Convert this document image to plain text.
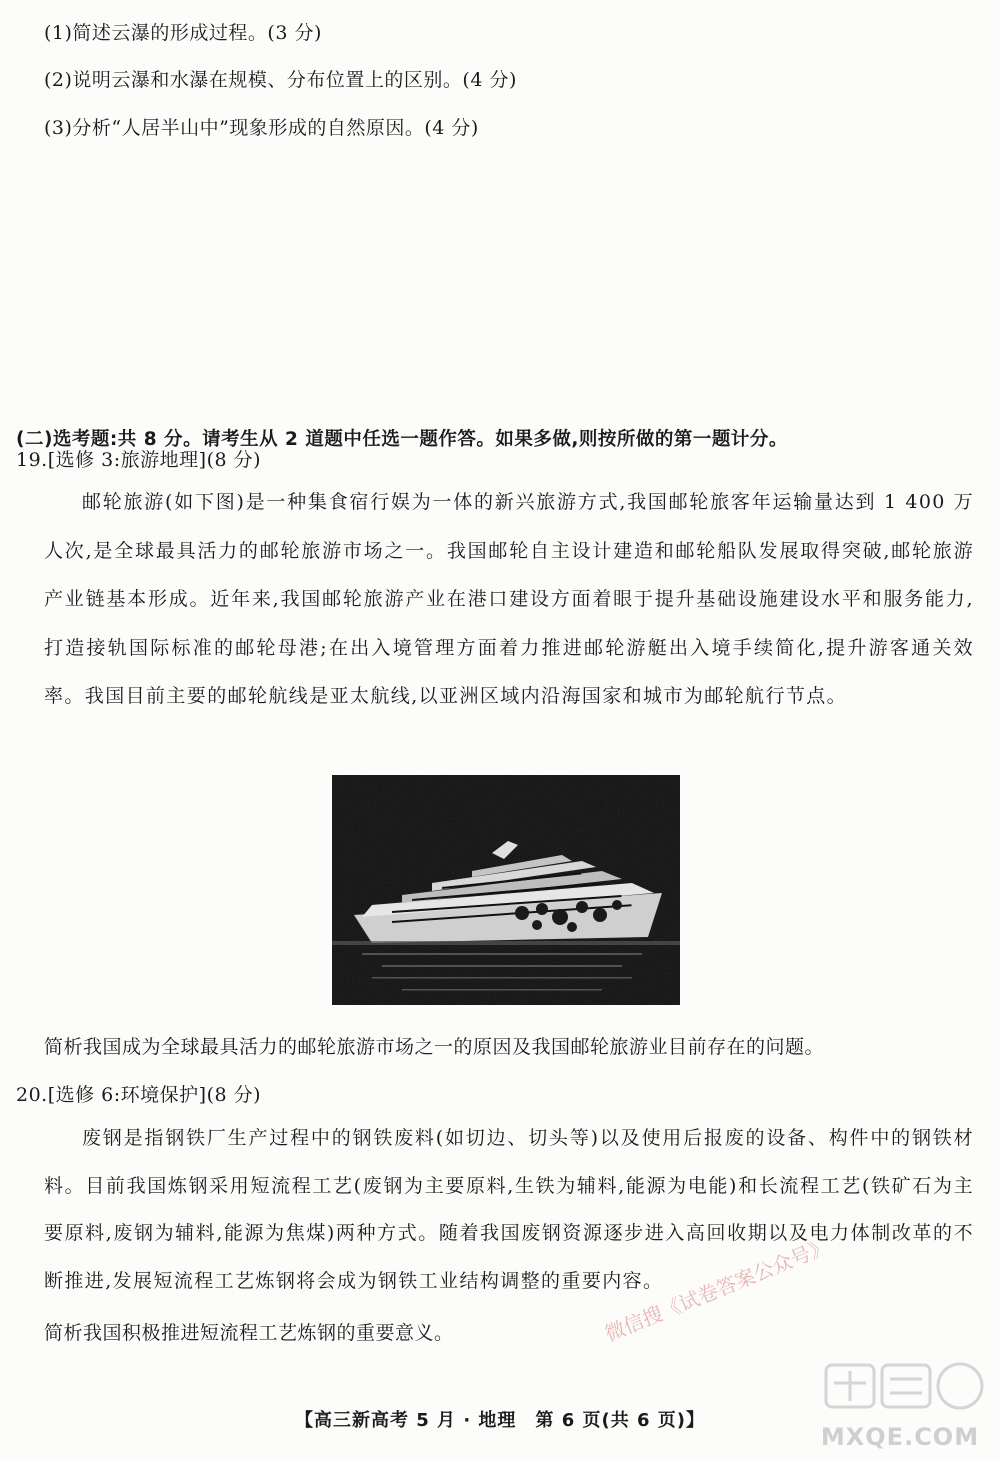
(1)简述云瀑的形成过程。(3 分)
(2)说明云瀑和水瀑在规模、分布位置上的区别。(4 分)
(3)分析“人居半山中”现象形成的自然原因。(4 分)
(二)选考题:共 8 分。请考生从 2 道题中任选一题作答。如果多做,则按所做的第一题计分。
19.[选修 3:旅游地理](8 分)
邮轮旅游(如下图)是一种集食宿行娱为一体的新兴旅游方式,我国邮轮旅客年运输量达到 1 400 万人次,是全球最具活力的邮轮旅游市场之一。我国邮轮自主设计建造和邮轮船队发展取得突破,邮轮旅游产业链基本形成。近年来,我国邮轮旅游产业在港口建设方面着眼于提升基础设施建设水平和服务能力,打造接轨国际标准的邮轮母港;在出入境管理方面着力推进邮轮游艇出入境手续简化,提升游客通关效率。我国目前主要的邮轮航线是亚太航线,以亚洲区域内沿海国家和城市为邮轮航行节点。
简析我国成为全球最具活力的邮轮旅游市场之一的原因及我国邮轮旅游业目前存在的问题。
20.[选修 6:环境保护](8 分)
废钢是指钢铁厂生产过程中的钢铁废料(如切边、切头等)以及使用后报废的设备、构件中的钢铁材料。目前我国炼钢采用短流程工艺(废钢为主要原料,生铁为辅料,能源为电能)和长流程工艺(铁矿石为主要原料,废钢为辅料,能源为焦煤)两种方式。随着我国废钢资源逐步进入高回收期以及电力体制改革的不断推进,发展短流程工艺炼钢将会成为钢铁工业结构调整的重要内容。
简析我国积极推进短流程工艺炼钢的重要意义。	微信搜《试卷答案公众号》
MXQE.COM
【高三新高考 5 月 · 地理　第 6 页(共 6 页)】
